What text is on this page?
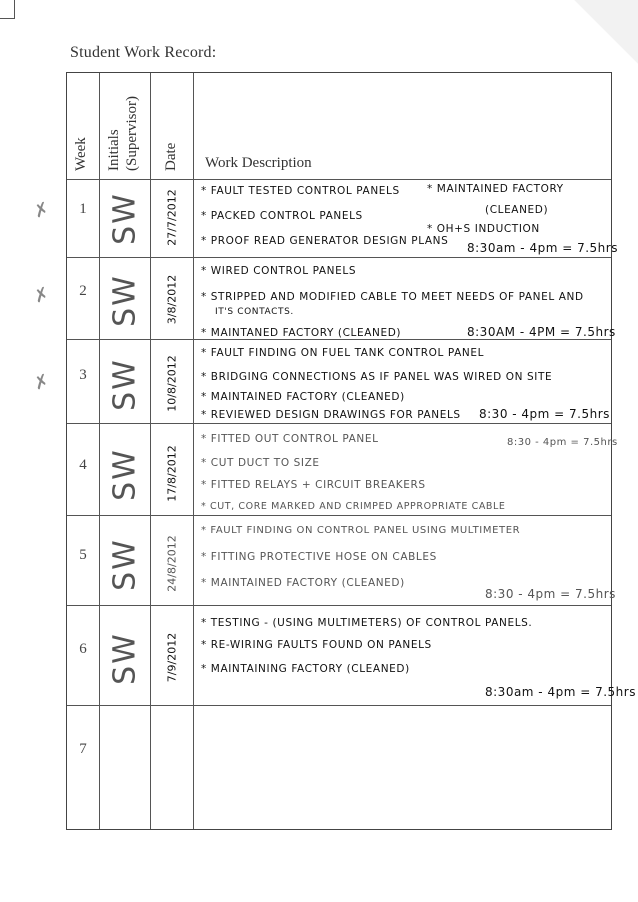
Student Work Record:
✗
✗
✗
Week Initials (Supervisor) Date Work Description
1 SW 27/7/2012 * FAULT TESTED CONTROL PANELS
* PACKED CONTROL PANELS
* PROOF READ GENERATOR DESIGN PLANS
* MAINTAINED FACTORY
(CLEANED)
* OH+S INDUCTION
8:30am - 4pm = 7.5hrs
2 SW 3/8/2012
* WIRED CONTROL PANELS
* STRIPPED AND MODIFIED CABLE TO MEET NEEDS OF PANEL AND
IT'S CONTACTS.
* MAINTANED FACTORY (CLEANED)	8:30AM - 4PM = 7.5hrs
3 SW 10/8/2012
* FAULT FINDING ON FUEL TANK CONTROL PANEL
* BRIDGING CONNECTIONS AS IF PANEL WAS WIRED ON SITE
* MAINTAINED FACTORY (CLEANED)
* REVIEWED DESIGN DRAWINGS FOR PANELS 8:30 - 4pm = 7.5hrs
4 SW 17/8/2012
* FITTED OUT CONTROL PANEL
* CUT DUCT TO SIZE
* FITTED RELAYS + CIRCUIT BREAKERS
* CUT, CORE MARKED AND CRIMPED APPROPRIATE CABLE
8:30 - 4pm = 7.5hrs
5 SW 24/8/2012
* FAULT FINDING ON CONTROL PANEL USING MULTIMETER
* FITTING PROTECTIVE HOSE ON CABLES
* MAINTAINED FACTORY (CLEANED)
8:30 - 4pm = 7.5hrs
6 SW 7/9/2012
* TESTING - (USING MULTIMETERS) OF CONTROL PANELS.
* RE-WIRING FAULTS FOUND ON PANELS
* MAINTAINING FACTORY (CLEANED)
8:30am - 4pm = 7.5hrs
7
